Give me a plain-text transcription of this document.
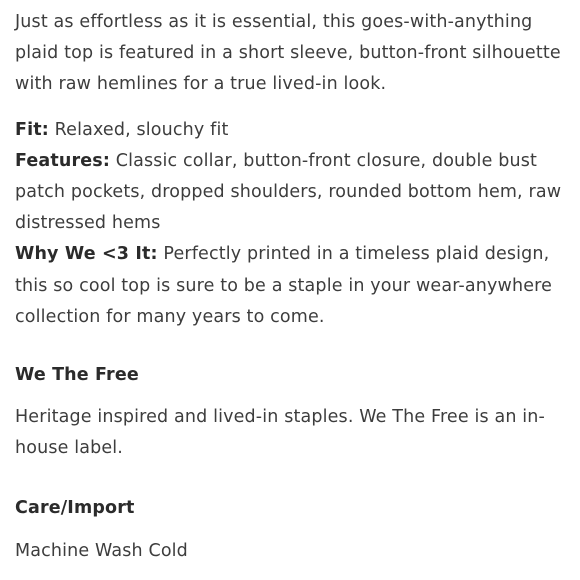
Just as effortless as it is essential, this goes-with-anything plaid top is featured in a short sleeve, button-front silhouette with raw hemlines for a true lived-in look.

Fit: Relaxed, slouchy fit

Features: Classic collar, button-front closure, double bust patch pockets, dropped shoulders, rounded bottom hem, raw distressed hems

Why We <3 It: Perfectly printed in a timeless plaid design, this so cool top is sure to be a staple in your wear-anywhere collection for many years to come.

We The Free

Heritage inspired and lived-in staples. We The Free is an in-house label.

Care/Import

Machine Wash Cold
